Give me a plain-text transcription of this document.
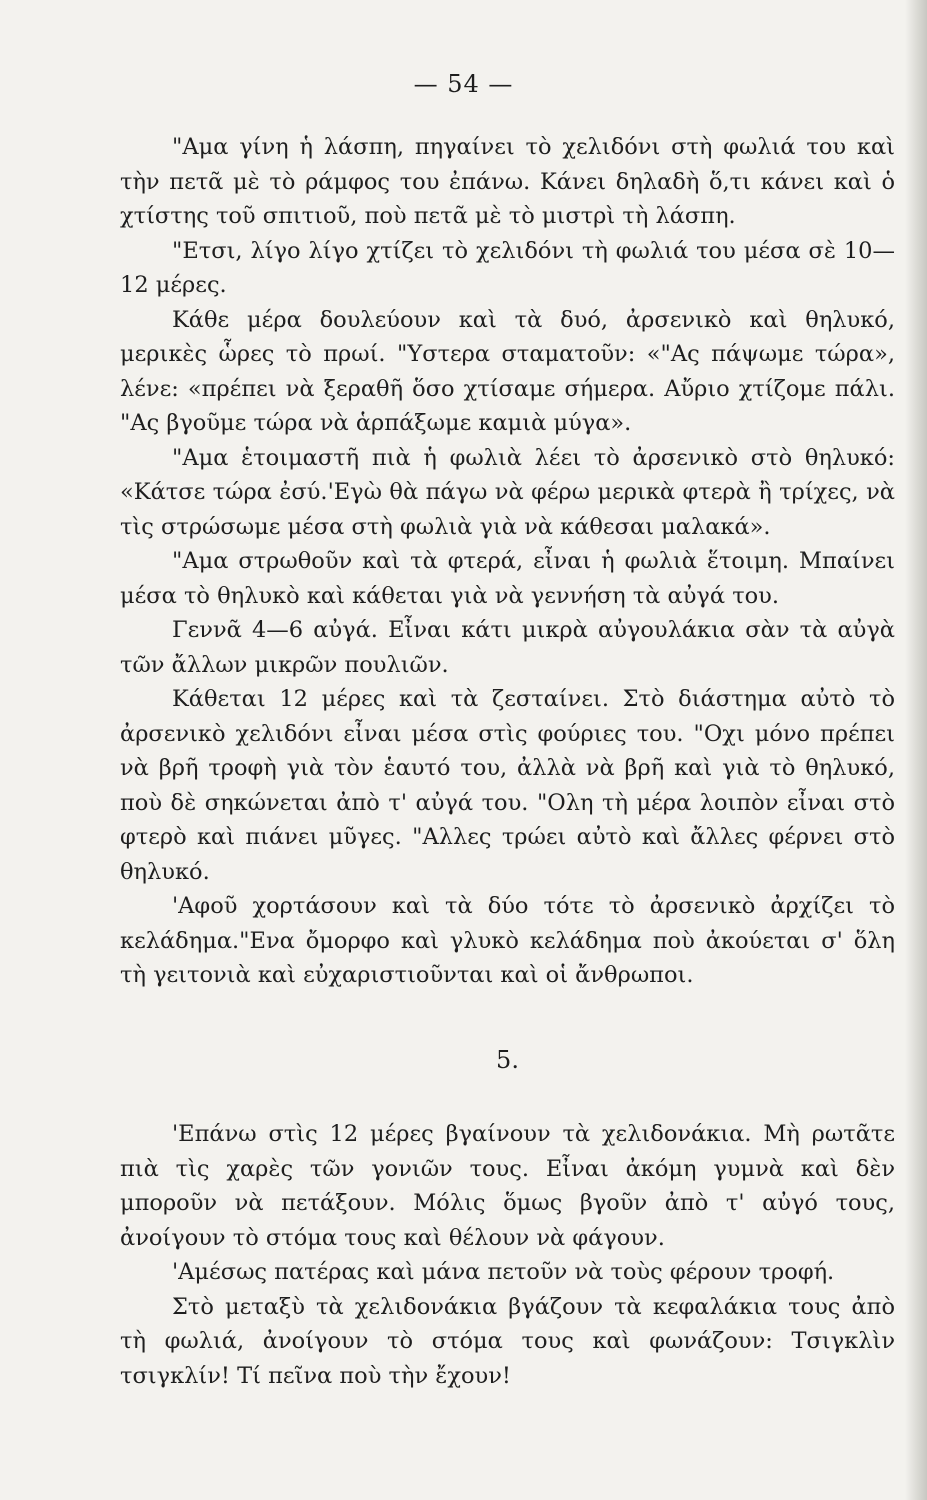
— 54 —

"Αμα γίνη ἡ λάσπη, πηγαίνει τὸ χελιδόνι στὴ φωλιά του καὶ τὴν πετᾶ μὲ τὸ ράμφος του ἐπάνω. Κάνει δηλαδὴ ὅ,τι κάνει καὶ ὁ χτίστης τοῦ σπιτιοῦ, ποὺ πετᾶ μὲ τὸ μιστρὶ τὴ λάσπη.

"Ετσι, λίγο λίγο χτίζει τὸ χελιδόνι τὴ φωλιά του μέσα σὲ 10—12 μέρες.

Κάθε μέρα δουλεύουν καὶ τὰ δυό, ἀρσενικὸ καὶ θηλυκό, μερικὲς ὧρες τὸ πρωί. "Υστερα σταματοῦν: «"Ας πάψωμε τώρα», λένε: «πρέπει νὰ ξεραθῆ ὅσο χτίσαμε σήμερα. Αὔριο χτίζομε πάλι. "Ας βγοῦμε τώρα νὰ ἁρπάξωμε καμιὰ μύγα».

"Αμα ἑτοιμαστῆ πιὰ ἡ φωλιὰ λέει τὸ ἀρσενικὸ στὸ θηλυκό: «Κάτσε τώρα ἐσύ.'Εγὼ θὰ πάγω νὰ φέρω μερικὰ φτερὰ ἢ τρίχες, νὰ τὶς στρώσωμε μέσα στὴ φωλιὰ γιὰ νὰ κάθεσαι μαλακά».

"Αμα στρωθοῦν καὶ τὰ φτερά, εἶναι ἡ φωλιὰ ἕτοιμη. Μπαίνει μέσα τὸ θηλυκὸ καὶ κάθεται γιὰ νὰ γεννήση τὰ αὐγά του.

Γεννᾶ 4—6 αὐγά. Εἶναι κάτι μικρὰ αὐγουλάκια σὰν τὰ αὐγὰ τῶν ἄλλων μικρῶν πουλιῶν.

Κάθεται 12 μέρες καὶ τὰ ζεσταίνει. Στὸ διάστημα αὐτὸ τὸ ἀρσενικὸ χελιδόνι εἶναι μέσα στὶς φούριες του. "Οχι μόνο πρέπει νὰ βρῆ τροφὴ γιὰ τὸν ἑαυτό του, ἀλλὰ νὰ βρῆ καὶ γιὰ τὸ θηλυκό, ποὺ δὲ σηκώνεται ἀπὸ τ' αὐγά του. "Ολη τὴ μέρα λοιπὸν εἶναι στὸ φτερὸ καὶ πιάνει μῦγες. "Αλλες τρώει αὐτὸ καὶ ἄλλες φέρνει στὸ θηλυκό.

'Αφοῦ χορτάσουν καὶ τὰ δύο τότε τὸ ἀρσενικὸ ἀρχίζει τὸ κελάδημα."Ενα ὄμορφο καὶ γλυκὸ κελάδημα ποὺ ἀκούεται σ' ὅλη τὴ γειτονιὰ καὶ εὐχαριστιοῦνται καὶ οἱ ἄνθρωποι.

5.

'Επάνω στὶς 12 μέρες βγαίνουν τὰ χελιδονάκια. Μὴ ρωτᾶτε πιὰ τὶς χαρὲς τῶν γονιῶν τους. Εἶναι ἀκόμη γυμνὰ καὶ δὲν μποροῦν νὰ πετάξουν. Μόλις ὅμως βγοῦν ἀπὸ τ' αὐγό τους, ἀνοίγουν τὸ στόμα τους καὶ θέλουν νὰ φάγουν.

'Αμέσως πατέρας καὶ μάνα πετοῦν νὰ τοὺς φέρουν τροφή.

Στὸ μεταξὺ τὰ χελιδονάκια βγάζουν τὰ κεφαλάκια τους ἀπὸ τὴ φωλιά, ἀνοίγουν τὸ στόμα τους καὶ φωνάζουν: Τσιγκλὶν τσιγκλίν! Τί πεῖνα ποὺ τὴν ἔχουν!
